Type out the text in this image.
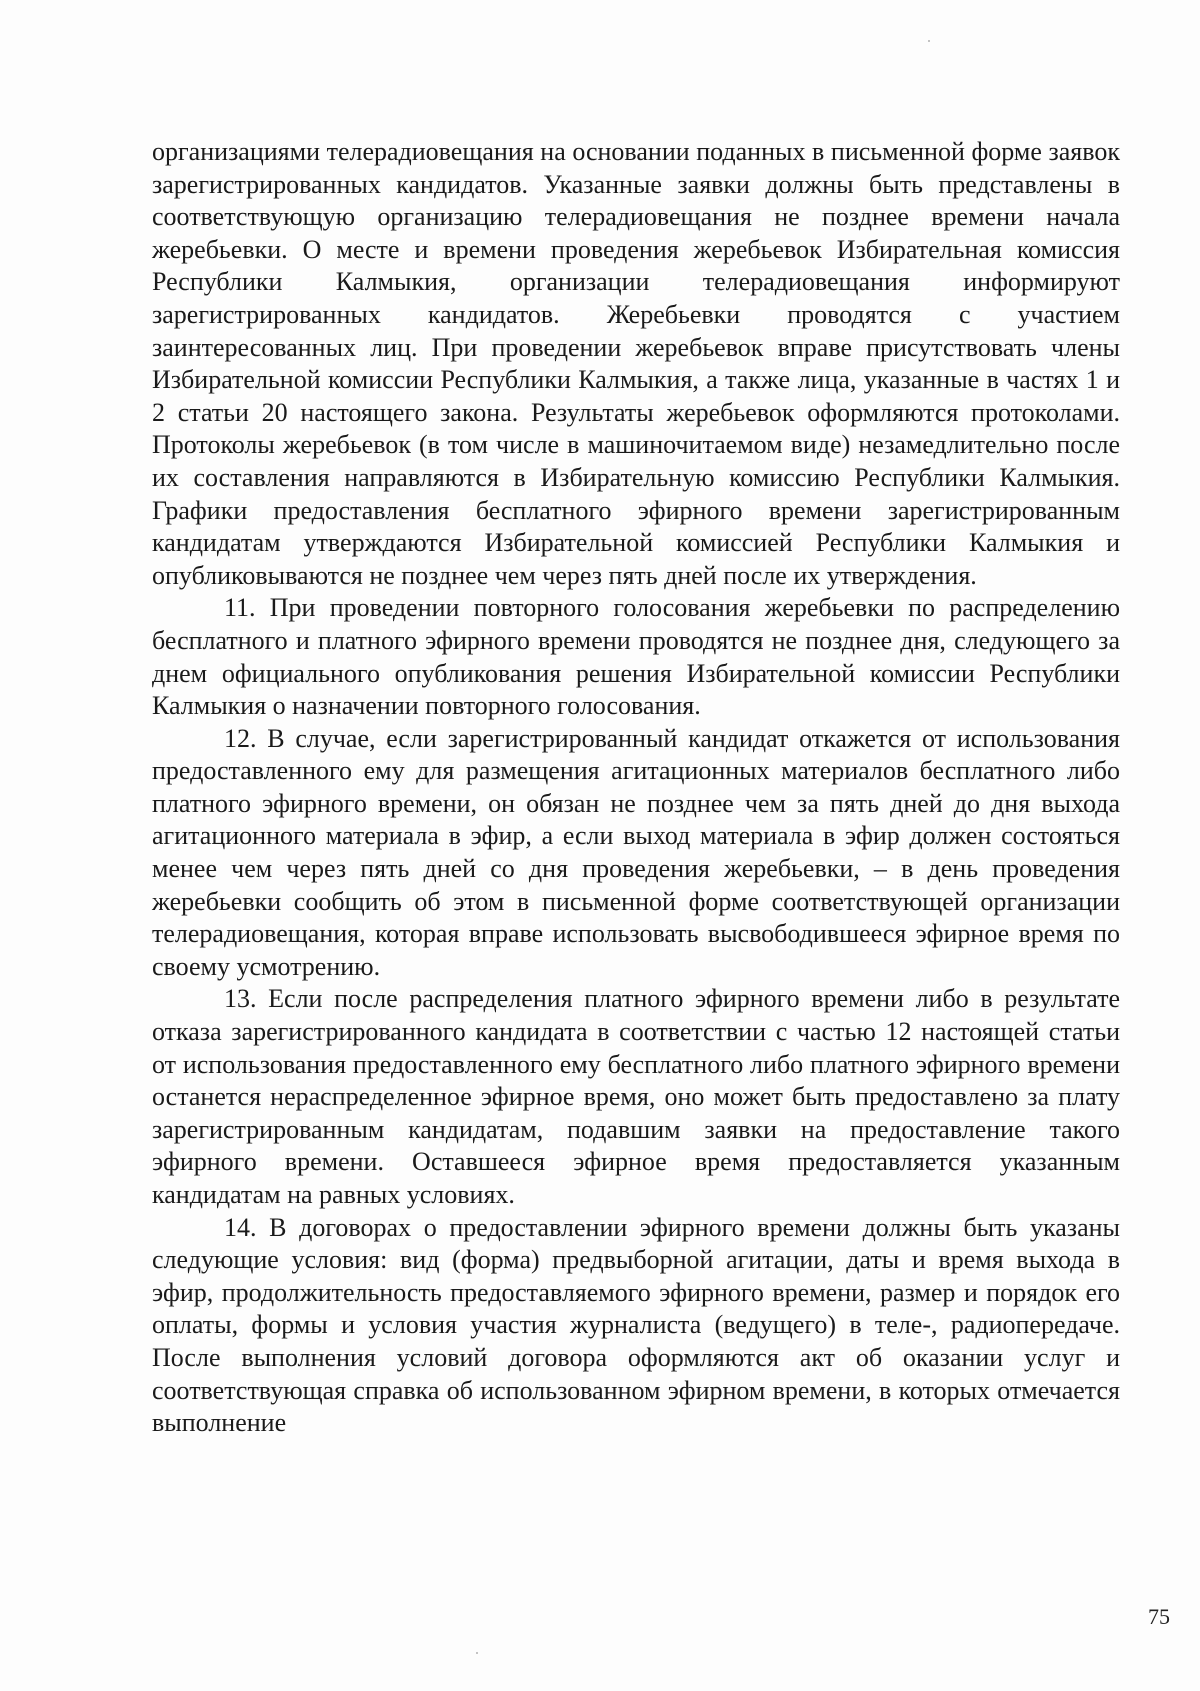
организациями телерадиовещания на основании поданных в письменной форме заявок зарегистрированных кандидатов. Указанные заявки должны быть представлены в соответствующую организацию телерадиовещания не позднее времени начала жеребьевки. О месте и времени проведения жеребьевок Избирательная комиссия Республики Калмыкия, организации телерадиовещания информируют зарегистрированных кандидатов. Жеребьевки проводятся с участием заинтересованных лиц. При проведении жеребьевок вправе присутствовать члены Избирательной комиссии Республики Калмыкия, а также лица, указанные в частях 1 и 2 статьи 20 настоящего закона. Результаты жеребьевок оформляются протоколами. Протоколы жеребьевок (в том числе в машиночитаемом виде) незамедлительно после их составления направляются в Избирательную комиссию Республики Калмыкия. Графики предоставления бесплатного эфирного времени зарегистрированным кандидатам утверждаются Избирательной комиссией Республики Калмыкия и опубликовываются не позднее чем через пять дней после их утверждения.

11. При проведении повторного голосования жеребьевки по распределению бесплатного и платного эфирного времени проводятся не позднее дня, следующего за днем официального опубликования решения Избирательной комиссии Республики Калмыкия о назначении повторного голосования.

12. В случае, если зарегистрированный кандидат откажется от использования предоставленного ему для размещения агитационных материалов бесплатного либо платного эфирного времени, он обязан не позднее чем за пять дней до дня выхода агитационного материала в эфир, а если выход материала в эфир должен состояться менее чем через пять дней со дня проведения жеребьевки, – в день проведения жеребьевки сообщить об этом в письменной форме соответствующей организации телерадиовещания, которая вправе использовать высвободившееся эфирное время по своему усмотрению.

13. Если после распределения платного эфирного времени либо в результате отказа зарегистрированного кандидата в соответствии с частью 12 настоящей статьи от использования предоставленного ему бесплатного либо платного эфирного времени останется нераспределенное эфирное время, оно может быть предоставлено за плату зарегистрированным кандидатам, подавшим заявки на предоставление такого эфирного времени. Оставшееся эфирное время предоставляется указанным кандидатам на равных условиях.

14. В договорах о предоставлении эфирного времени должны быть указаны следующие условия: вид (форма) предвыборной агитации, даты и время выхода в эфир, продолжительность предоставляемого эфирного времени, размер и порядок его оплаты, формы и условия участия журналиста (ведущего) в теле-, радиопередаче. После выполнения условий договора оформляются акт об оказании услуг и соответствующая справка об использованном эфирном времени, в которых отмечается выполнение

75
